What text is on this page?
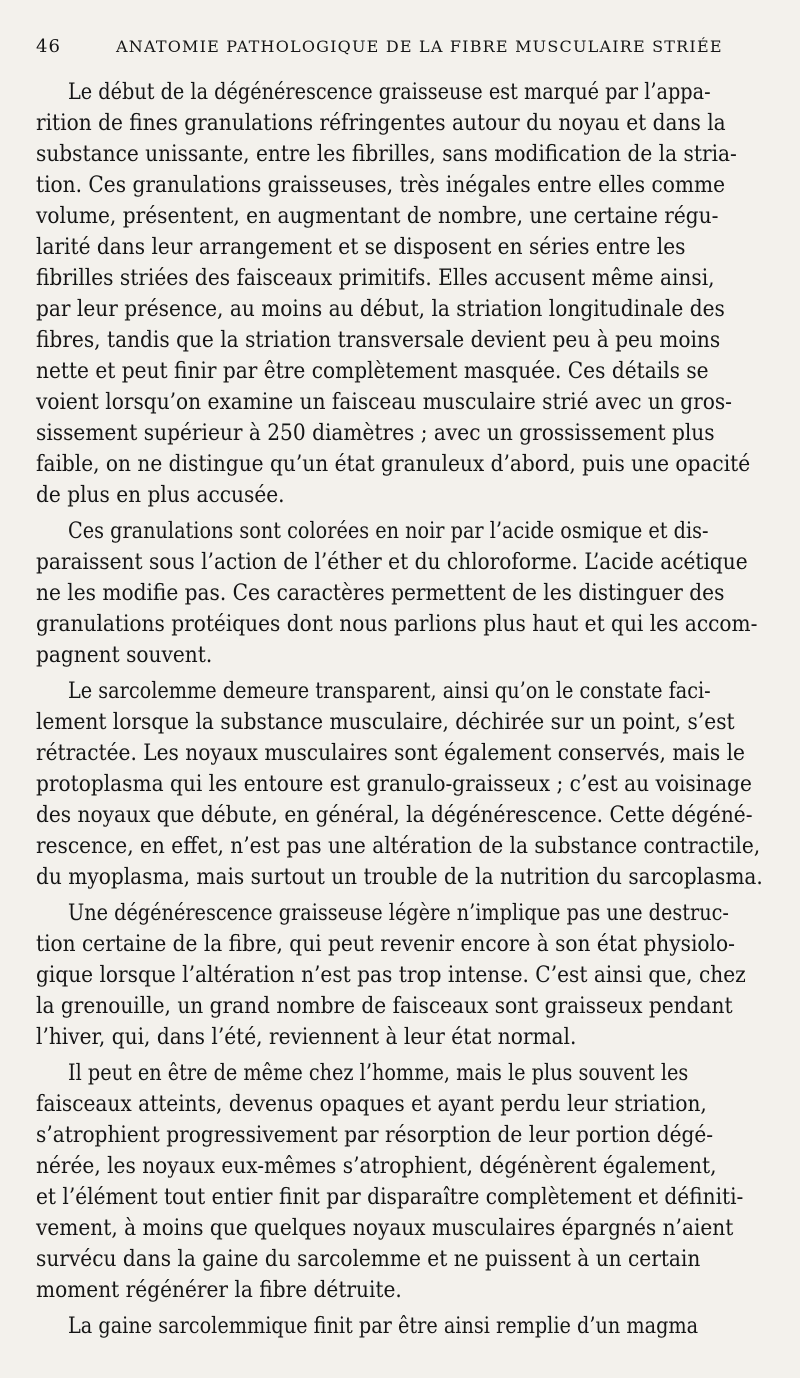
46	ANATOMIE PATHOLOGIQUE DE LA FIBRE MUSCULAIRE STRIÉE
Le début de la dégénérescence graisseuse est marqué par l’appa-
rition de fines granulations réfringentes autour du noyau et dans la
substance unissante, entre les fibrilles, sans modification de la stria-
tion. Ces granulations graisseuses, très inégales entre elles comme
volume, présentent, en augmentant de nombre, une certaine régu-
larité dans leur arrangement et se disposent en séries entre les
fibrilles striées des faisceaux primitifs. Elles accusent même ainsi,
par leur présence, au moins au début, la striation longitudinale des
fibres, tandis que la striation transversale devient peu à peu moins
nette et peut finir par être complètement masquée. Ces détails se
voient lorsqu’on examine un faisceau musculaire strié avec un gros-
sissement supérieur à 250 diamètres ; avec un grossissement plus
faible, on ne distingue qu’un état granuleux d’abord, puis une opacité
de plus en plus accusée.
Ces granulations sont colorées en noir par l’acide osmique et dis-
paraissent sous l’action de l’éther et du chloroforme. L’acide acétique
ne les modifie pas. Ces caractères permettent de les distinguer des
granulations protéiques dont nous parlions plus haut et qui les accom-
pagnent souvent.
Le sarcolemme demeure transparent, ainsi qu’on le constate faci-
lement lorsque la substance musculaire, déchirée sur un point, s’est
rétractée. Les noyaux musculaires sont également conservés, mais le
protoplasma qui les entoure est granulo-graisseux ; c’est au voisinage
des noyaux que débute, en général, la dégénérescence. Cette dégéné-
rescence, en effet, n’est pas une altération de la substance contractile,
du myoplasma, mais surtout un trouble de la nutrition du sarcoplasma.
Une dégénérescence graisseuse légère n’implique pas une destruc-
tion certaine de la fibre, qui peut revenir encore à son état physiolo-
gique lorsque l’altération n’est pas trop intense. C’est ainsi que, chez
la grenouille, un grand nombre de faisceaux sont graisseux pendant
l’hiver, qui, dans l’été, reviennent à leur état normal.
Il peut en être de même chez l’homme, mais le plus souvent les
faisceaux atteints, devenus opaques et ayant perdu leur striation,
s’atrophient progressivement par résorption de leur portion dégé-
nérée, les noyaux eux-mêmes s’atrophient, dégénèrent également,
et l’élément tout entier finit par disparaître complètement et définiti-
vement, à moins que quelques noyaux musculaires épargnés n’aient
survécu dans la gaine du sarcolemme et ne puissent à un certain
moment régénérer la fibre détruite.
La gaine sarcolemmique finit par être ainsi remplie d’un magma
